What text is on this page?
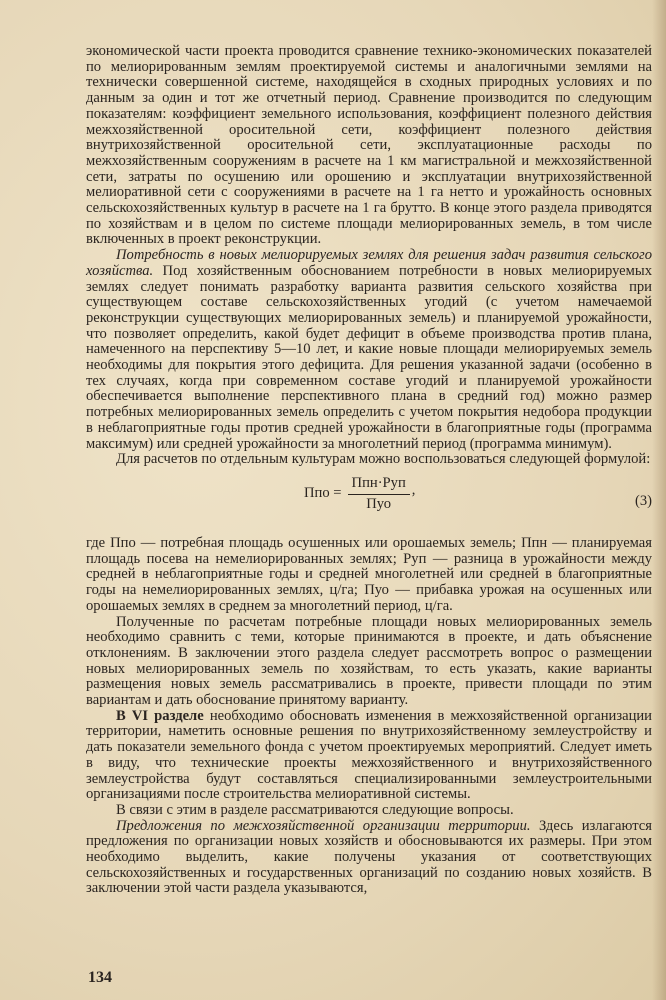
экономической части проекта проводится сравнение технико-экономических показателей по мелиорированным землям проектируемой системы и аналогичными землями на технически совершенной системе, находящейся в сходных природных условиях и по данным за один и тот же отчетный период. Сравнение производится по следующим показателям: коэффициент земельного использования, коэффициент полезного действия межхозяйственной оросительной сети, коэффициент полезного действия внутрихозяйственной оросительной сети, эксплуатационные расходы по межхозяйственным сооружениям в расчете на 1 км магистральной и межхозяйственной сети, затраты по осушению или орошению и эксплуатации внутрихозяйственной мелиоративной сети с сооружениями в расчете на 1 га нетто и урожайность основных сельскохозяйственных культур в расчете на 1 га брутто. В конце этого раздела приводятся по хозяйствам и в целом по системе площади мелиорированных земель, в том числе включенных в проект реконструкции.

Потребность в новых мелиорируемых землях для решения задач развития сельского хозяйства. Под хозяйственным обоснованием потребности в новых мелиорируемых землях следует понимать разработку варианта развития сельского хозяйства при существующем составе сельскохозяйственных угодий (с учетом намечаемой реконструкции существующих мелиорированных земель) и планируемой урожайности, что позволяет определить, какой будет дефицит в объеме производства против плана, намеченного на перспективу 5—10 лет, и какие новые площади мелиорируемых земель необходимы для покрытия этого дефицита. Для решения указанной задачи (особенно в тех случаях, когда при современном составе угодий и планируемой урожайности обеспечивается выполнение перспективного плана в средний год) можно размер потребных мелиорированных земель определить с учетом покрытия недобора продукции в неблагоприятные годы против средней урожайности в благоприятные годы (программа максимум) или средней урожайности за многолетний период (программа минимум).

Для расчетов по отдельным культурам можно воспользоваться следующей формулой:

Ппо = $\frac{\text{Ппн·Руп}}{\text{Пуо}}$ ,
(3)

где Ппо — потребная площадь осушенных или орошаемых земель; Ппн — планируемая площадь посева на немелиорированных землях; Руп — разница в урожайности между средней в неблагоприятные годы и средней многолетней или средней в благоприятные годы на немелиорированных землях, ц/га; Пуо — прибавка урожая на осушенных или орошаемых землях в среднем за многолетний период, ц/га.

Полученные по расчетам потребные площади новых мелиорированных земель необходимо сравнить с теми, которые принимаются в проекте, и дать объяснение отклонениям. В заключении этого раздела следует рассмотреть вопрос о размещении новых мелиорированных земель по хозяйствам, то есть указать, какие варианты размещения новых земель рассматривались в проекте, привести площади по этим вариантам и дать обоснование принятому варианту.

В VI разделе необходимо обосновать изменения в межхозяйственной организации территории, наметить основные решения по внутрихозяйственному землеустройству и дать показатели земельного фонда с учетом проектируемых мероприятий. Следует иметь в виду, что технические проекты межхозяйственного и внутрихозяйственного землеустройства будут составляться специализированными землеустроительными организациями после строительства мелиоративной системы.

В связи с этим в разделе рассматриваются следующие вопросы.

Предложения по межхозяйственной организации территории. Здесь излагаются предложения по организации новых хозяйств и обосновываются их размеры. При этом необходимо выделить, какие получены указания от соответствующих сельскохозяйственных и государственных организаций по созданию новых хозяйств. В заключении этой части раздела указываются,

134
